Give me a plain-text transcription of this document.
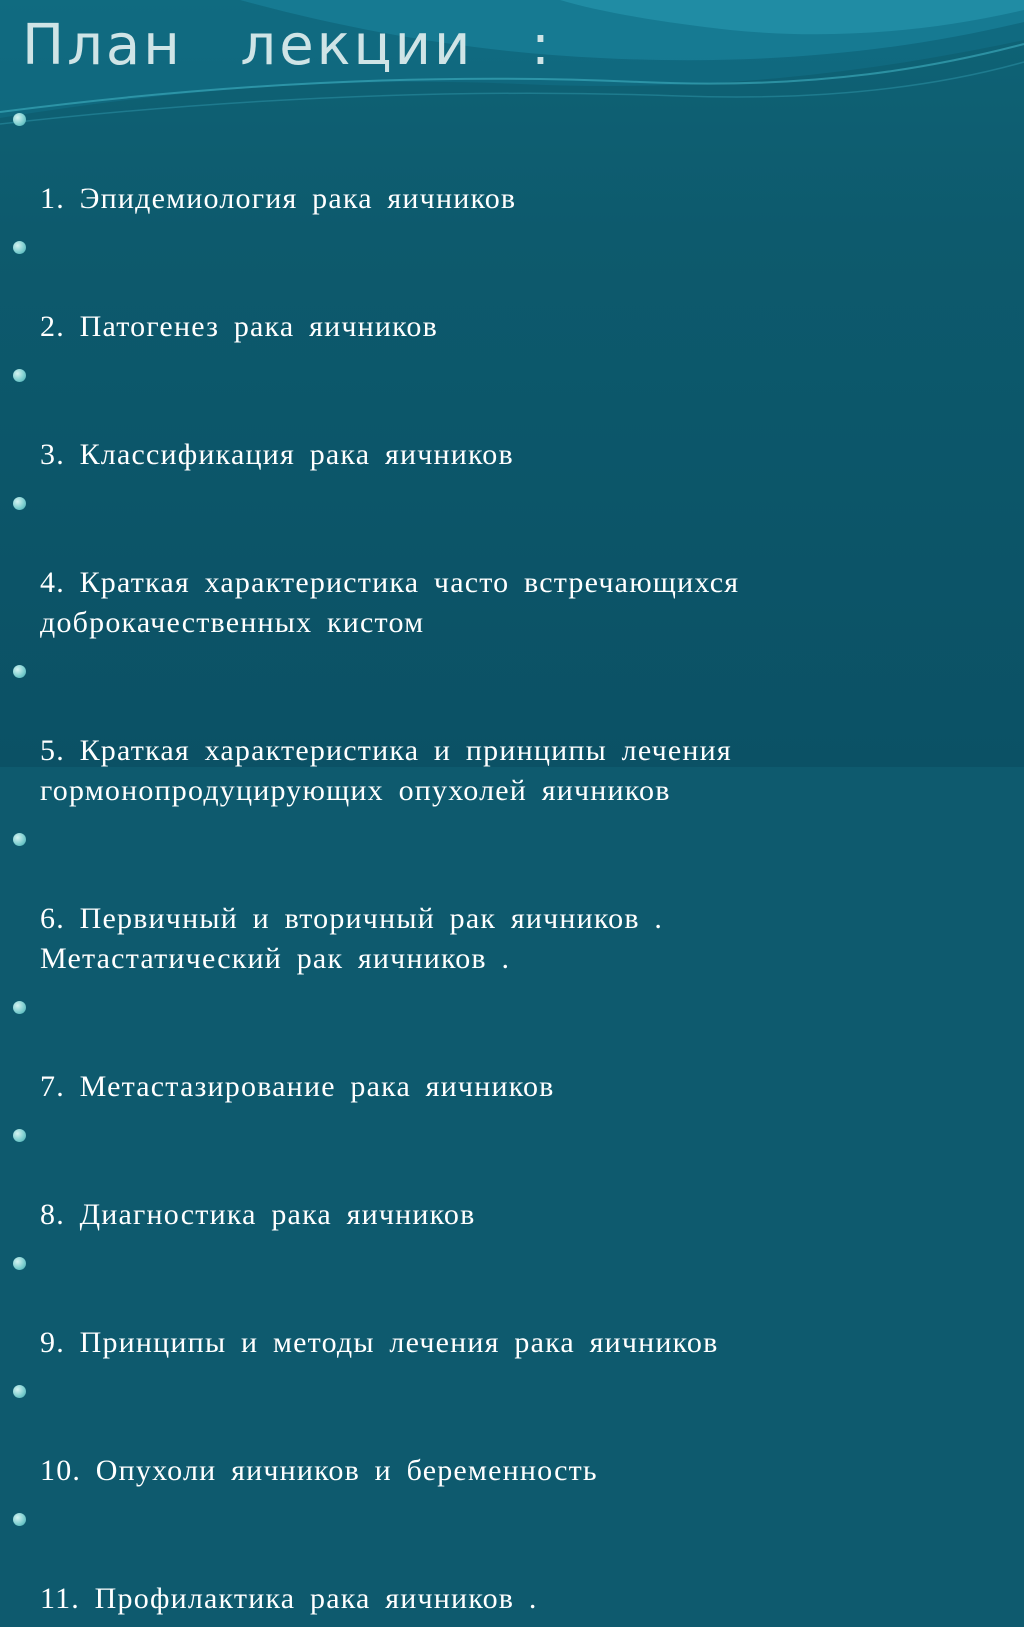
План  лекции  :

1. Эпидемиология рака яичников

2. Патогенез рака яичников

3. Классификация рака яичников

4. Краткая характеристика часто встречающихся
доброкачественных кистом

5. Краткая характеристика и принципы лечения
гормонопродуцирующих опухолей яичников

6. Первичный и вторичный рак яичников .
Метастатический рак яичников .

7. Метастазирование рака яичников

8. Диагностика рака яичников

9. Принципы и методы лечения рака яичников

10. Опухоли яичников и беременность

11. Профилактика рака яичников .
